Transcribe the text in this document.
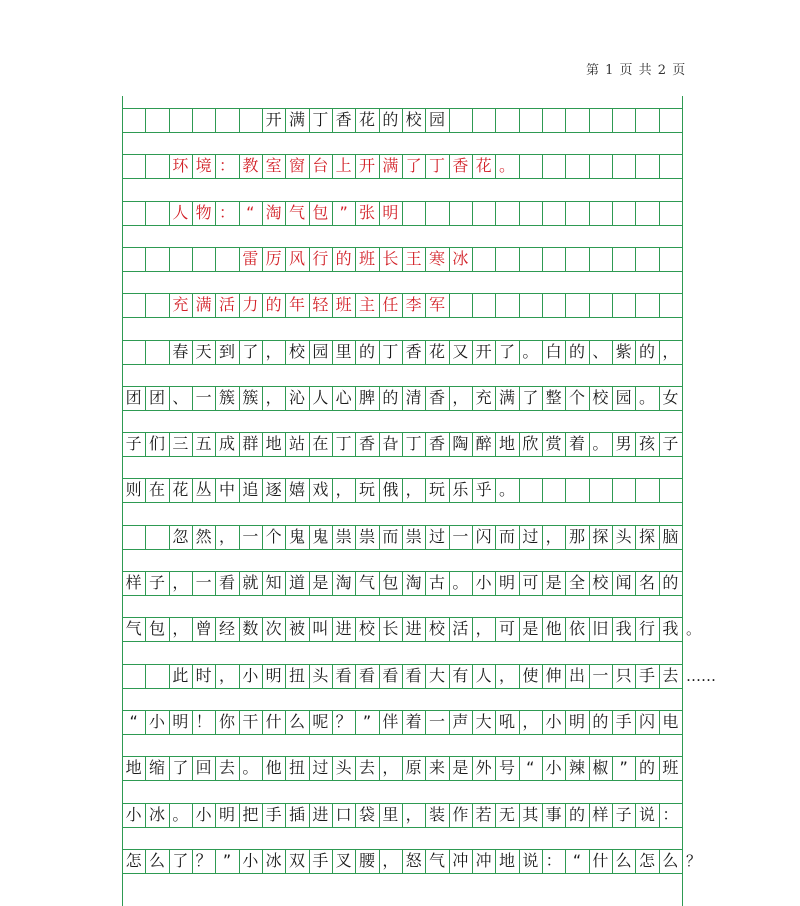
第 1 页 共 2 页
开 满 丁 香 花 的 校 园
环 境 ： 教 室 窗 台 上 开 满 了 丁 香 花 。
人 物 ： “ 淘 气 包 ” 张 明
雷 厉 风 行 的 班 长 王 寒 冰
充 满 活 力 的 年 轻 班 主 任 李 军
春 天 到 了 ， 校 园 里 的 丁 香 花 又 开 了 。 白 的 、 紫 的 ，
团 团 、 一 簇 簇 ， 沁 人 心 脾 的 清 香 ， 充 满 了 整 个 校 园 。 女
子 们 三 五 成 群 地 站 在 丁 香 旮 丁 香 陶 醉 地 欣 赏 着 。 男 孩 子
则 在 花 丛 中 追 逐 嬉 戏 ， 玩 俄 ， 玩 乐 乎 。
忽 然 ， 一 个 鬼 鬼 祟 祟 而 祟 过 一 闪 而 过 ， 那 探 头 探 脑
样 子 ， 一 看 就 知 道 是 淘 气 包 淘 古 。 小 明 可 是 全 校 闻 名 的
气 包 ， 曾 经 数 次 被 叫 进 校 长 进 校 活 ， 可 是 他 依 旧 我 行 我 。
此 时 ， 小 明 扭 头 看 看 看 看 大 有 人 ， 使 伸 出 一 只 手 去 ……
“ 小 明 ！ 你 干 什 么 呢 ？ ” 伴 着 一 声 大 吼 ， 小 明 的 手 闪 电
地 缩 了 回 去 。 他 扭 过 头 去 ， 原 来 是 外 号 “ 小 辣 椒 ” 的 班
小 冰 。 小 明 把 手 插 进 口 袋 里 ， 装 作 若 无 其 事 的 样 子 说 ：
怎 么 了 ？ ” 小 冰 双 手 叉 腰 ， 怒 气 冲 冲 地 说 ： “ 什 么 怎 么 ？
